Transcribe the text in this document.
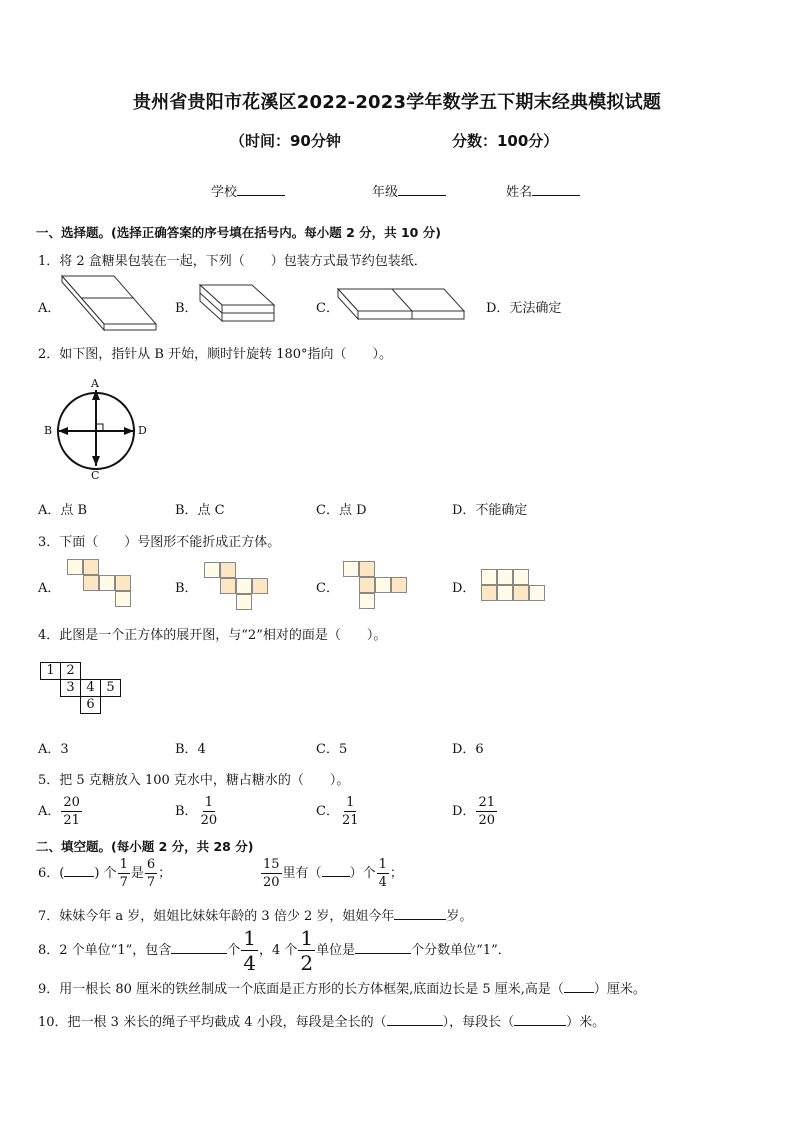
贵州省贵阳市花溪区2022-2023学年数学五下期末经典模拟试题
（时间：90分钟	分数：100分）
学校	年级	姓名
一、选择题。(选择正确答案的序号填在括号内。每小题 2 分，共 10 分)
1．将 2 盒糖果包装在一起，下列（　　）包装方式最节约包装纸．
A．	B．	C．	D．无法确定
2．如下图，指针从 B 开始，顺时针旋转 180°指向（　　）。
A
B
C
D
A．点 B	B．点 C	C．点 D	D．不能确定
3．下面（　　）号图形不能折成正方体。
A．	B．	C．	D．
4．此图是一个正方体的展开图，与“2”相对的面是（　　）。
1 2
3 4 5
6
A．3	B．4	C．5	D．6
5．把 5 克糖放入 100 克水中，糖占糖水的（　　）。
A． $\frac{20}{21}$	B． $\frac{1}{20}$	C． $\frac{1}{21}$	D． $\frac{21}{20}$
二、填空题。(每小题 2 分，共 28 分)
6．( ) 个 $\frac{1}{7}$ 是 $\frac{6}{7}$ ；	$\frac{15}{20}$ 里有（ ）个 $\frac{1}{4}$ ；
7．妹妹今年 a 岁，姐姐比妹妹年龄的 3 倍少 2 岁，姐姐今年	岁。
8．2 个单位“1”，包含	个 $\frac{1}{4}$ ，4 个 $\frac{1}{2}$ 单位是	个分数单位“1”．
9．用一根长 80 厘米的铁丝制成一个底面是正方形的长方体框架,底面边长是 5 厘米,高是（ ）厘米。
10．把一根 3 米长的绳子平均截成 4 小段，每段是全长的（	），每段长（	）米。
